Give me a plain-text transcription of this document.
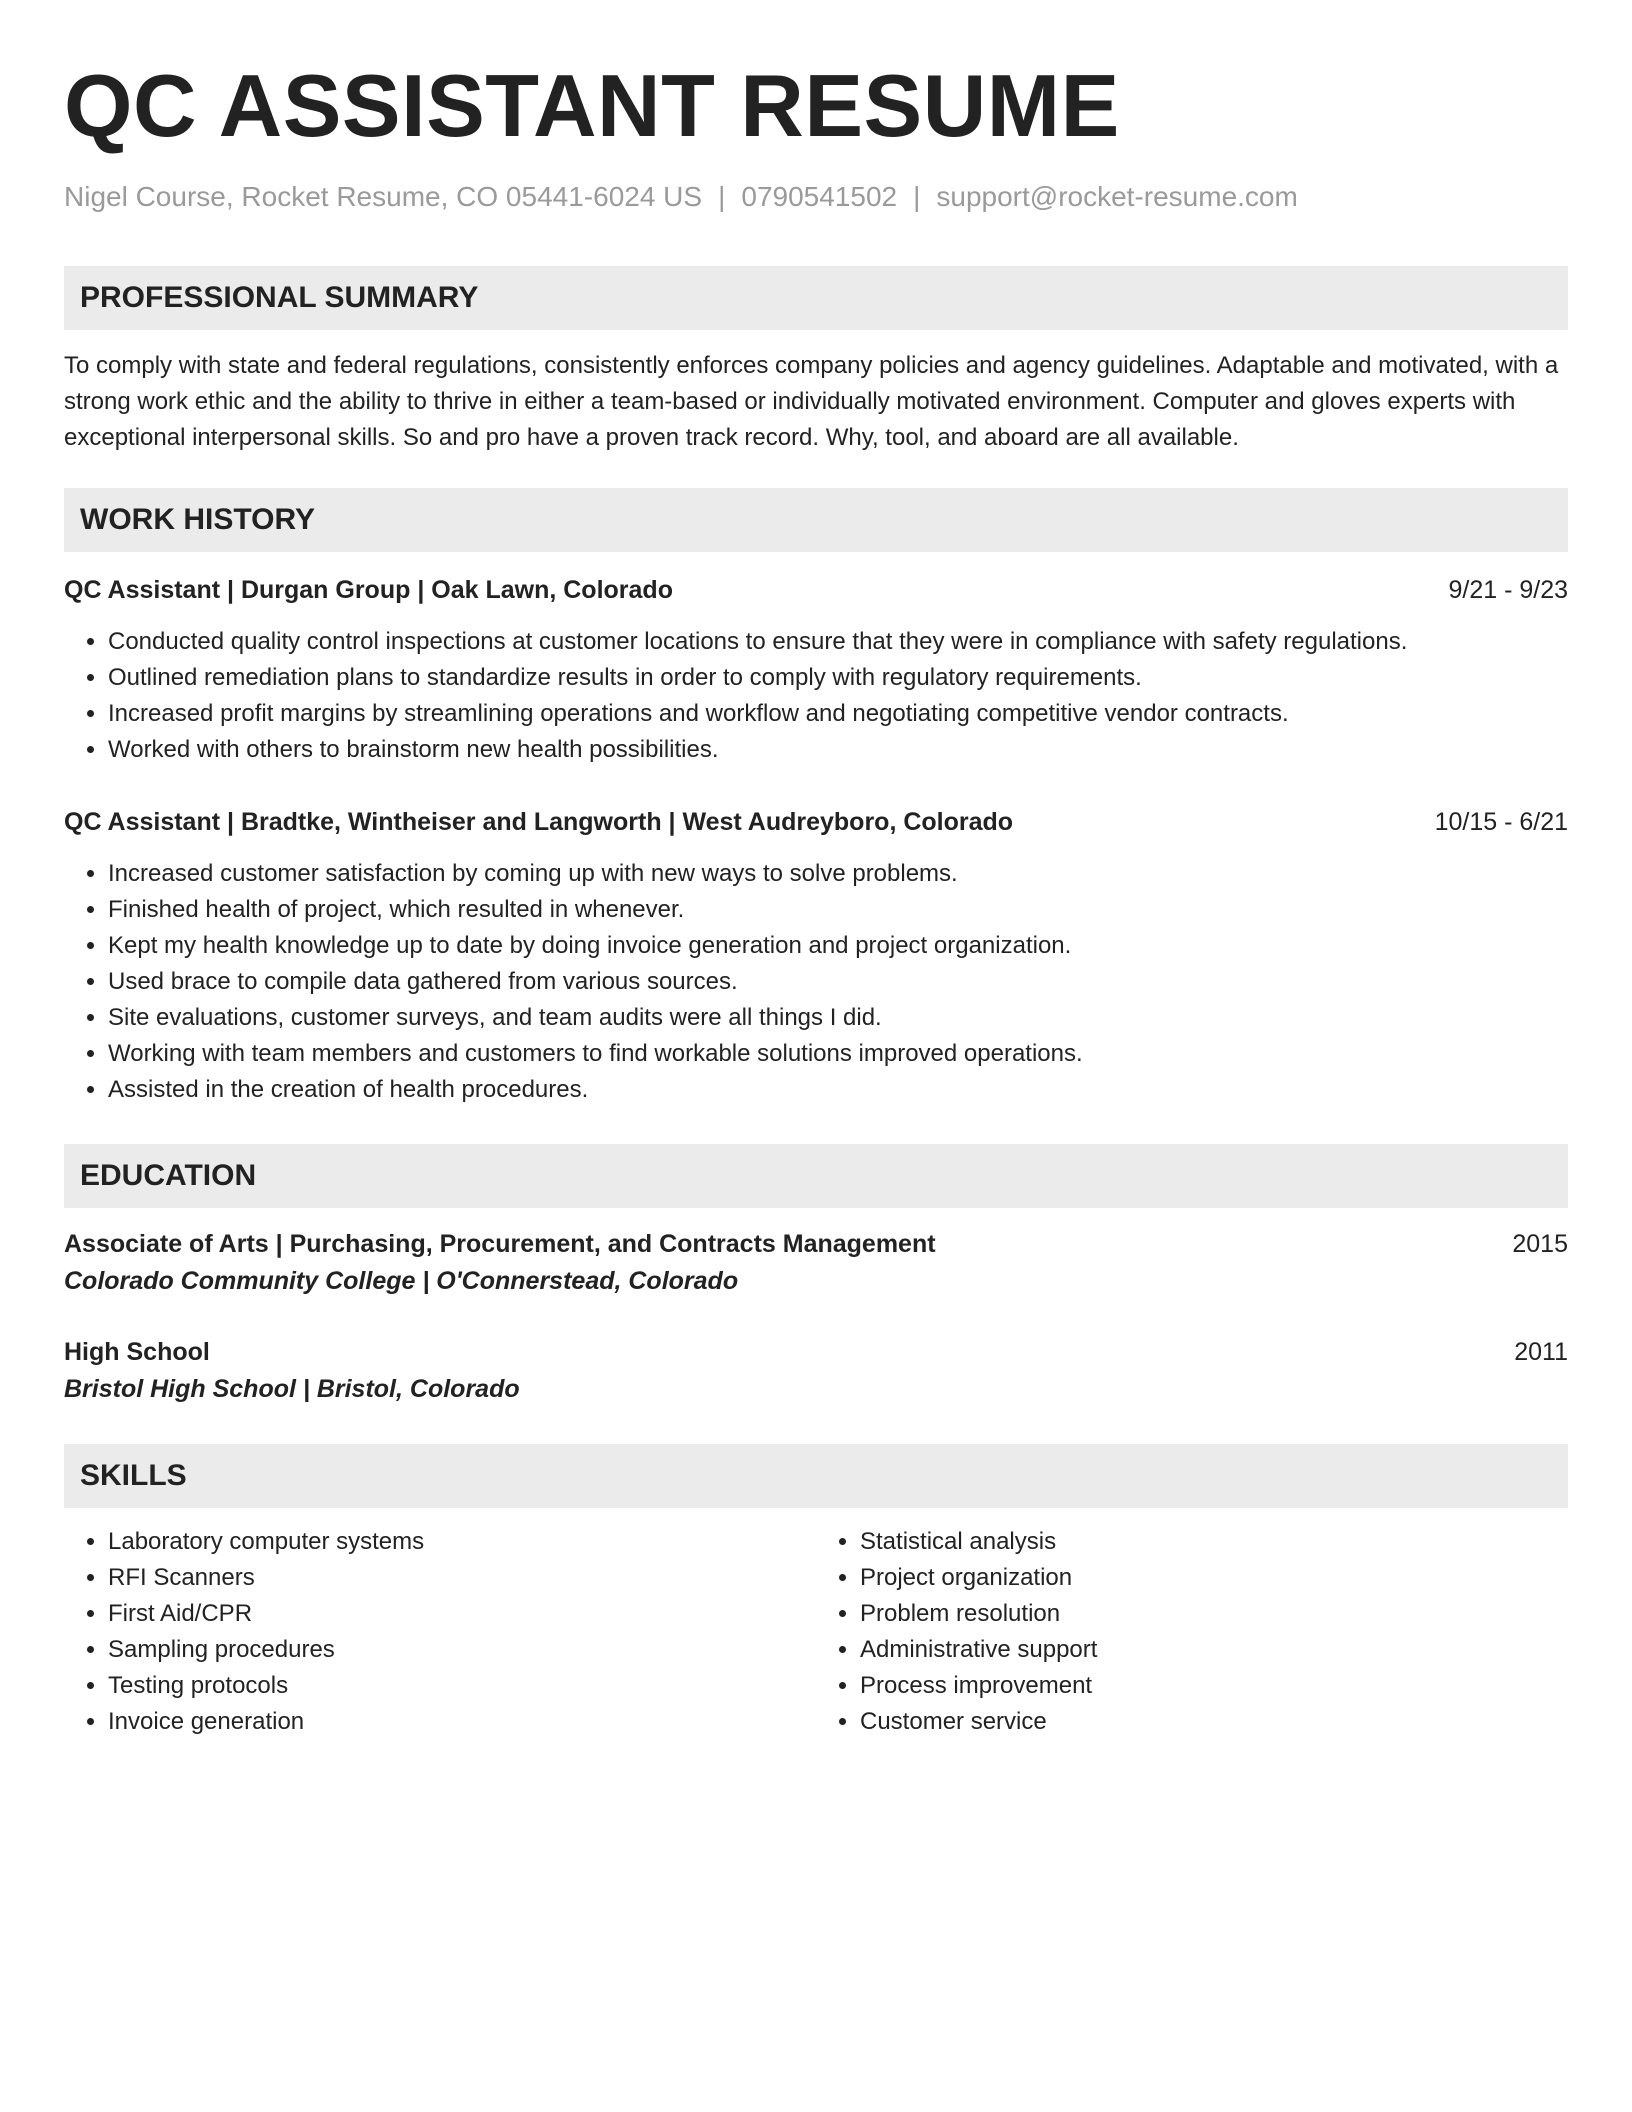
QC ASSISTANT RESUME
Nigel Course, Rocket Resume, CO 05441-6024 US | 0790541502 | support@rocket-resume.com
PROFESSIONAL SUMMARY
To comply with state and federal regulations, consistently enforces company policies and agency guidelines. Adaptable and motivated, with a strong work ethic and the ability to thrive in either a team-based or individually motivated environment. Computer and gloves experts with exceptional interpersonal skills. So and pro have a proven track record. Why, tool, and aboard are all available.
WORK HISTORY
QC Assistant | Durgan Group | Oak Lawn, Colorado	9/21 - 9/23
• Conducted quality control inspections at customer locations to ensure that they were in compliance with safety regulations.
• Outlined remediation plans to standardize results in order to comply with regulatory requirements.
• Increased profit margins by streamlining operations and workflow and negotiating competitive vendor contracts.
• Worked with others to brainstorm new health possibilities.
QC Assistant | Bradtke, Wintheiser and Langworth | West Audreyboro, Colorado	10/15 - 6/21
• Increased customer satisfaction by coming up with new ways to solve problems.
• Finished health of project, which resulted in whenever.
• Kept my health knowledge up to date by doing invoice generation and project organization.
• Used brace to compile data gathered from various sources.
• Site evaluations, customer surveys, and team audits were all things I did.
• Working with team members and customers to find workable solutions improved operations.
• Assisted in the creation of health procedures.
EDUCATION
Associate of Arts | Purchasing, Procurement, and Contracts Management	2015
Colorado Community College | O'Connerstead, Colorado
High School	2011
Bristol High School | Bristol, Colorado
SKILLS
• Laboratory computer systems
• RFI Scanners
• First Aid/CPR
• Sampling procedures
• Testing protocols
• Invoice generation
• Statistical analysis
• Project organization
• Problem resolution
• Administrative support
• Process improvement
• Customer service
